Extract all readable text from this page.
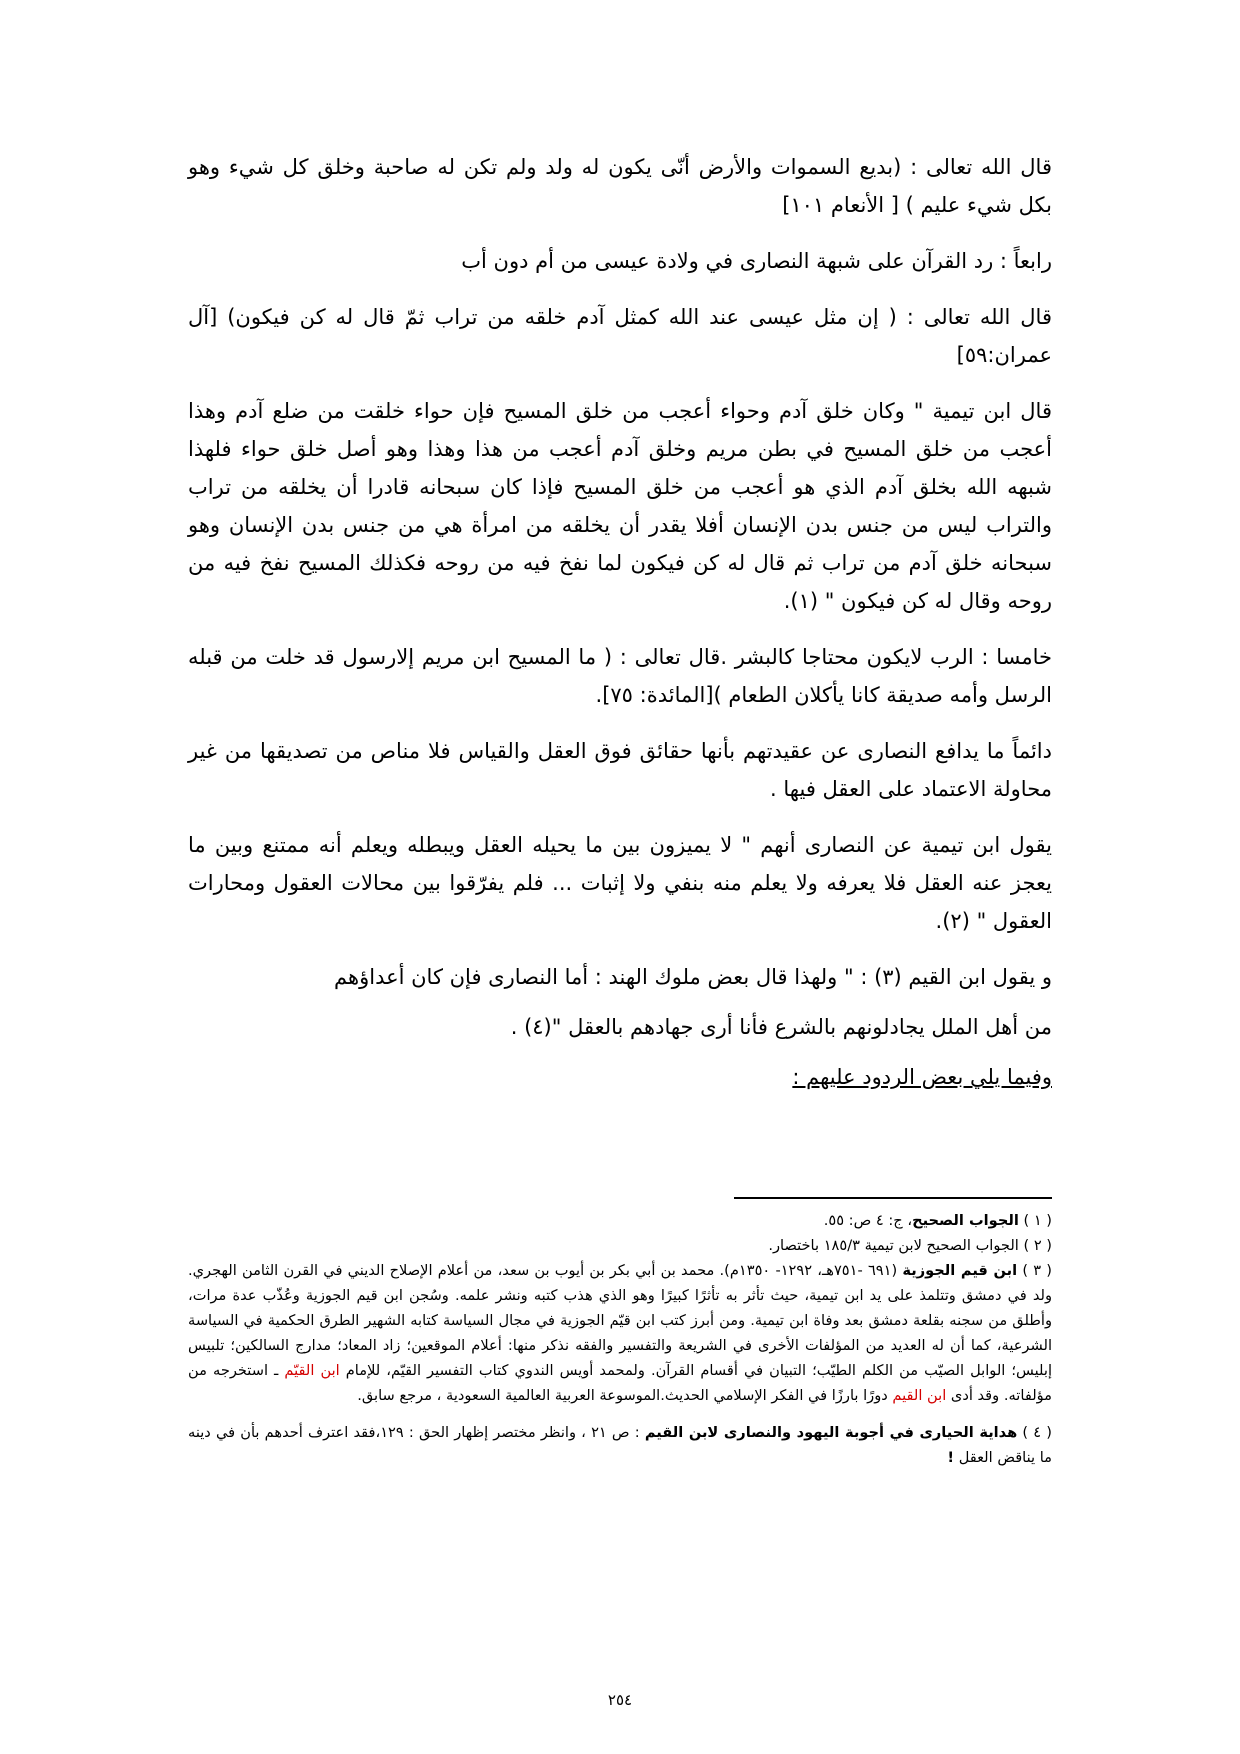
قال الله تعالى : (بديع السموات والأرض أنّى يكون له ولد ولم تكن له صاحبة وخلق كل شيء وهو بكل شيء عليم ) [ الأنعام ١٠١]

رابعاً : رد القرآن على شبهة النصارى في ولادة عيسى من أم دون أب

قال الله تعالى : ( إن مثل عيسى عند الله كمثل آدم خلقه من تراب ثمّ قال له كن فيكون) [آل عمران:٥٩]

قال ابن تيمية " وكان خلق آدم وحواء أعجب من خلق المسيح فإن حواء خلقت من ضلع آدم وهذا أعجب من خلق المسيح في بطن مريم وخلق آدم أعجب من هذا وهذا وهو أصل خلق حواء فلهذا شبهه الله بخلق آدم الذي هو أعجب من خلق المسيح فإذا كان سبحانه قادرا أن يخلقه من تراب والتراب ليس من جنس بدن الإنسان أفلا يقدر أن يخلقه من امرأة هي من جنس بدن الإنسان وهو سبحانه خلق آدم من تراب ثم قال له كن فيكون لما نفخ فيه من روحه فكذلك المسيح نفخ فيه من روحه وقال له كن فيكون " (١).

خامسا : الرب لايكون محتاجا كالبشر .قال تعالى : ( ما المسيح ابن مريم إلارسول قد خلت من قبله الرسل وأمه صديقة كانا يأكلان الطعام )[المائدة: ٧٥].

دائماً ما يدافع النصارى عن عقيدتهم بأنها حقائق فوق العقل والقياس فلا مناص من تصديقها من غير محاولة الاعتماد على العقل فيها .

يقول ابن تيمية عن النصارى أنهم " لا يميزون بين ما يحيله العقل ويبطله ويعلم أنه ممتنع وبين ما يعجز عنه العقل فلا يعرفه ولا يعلم منه بنفي ولا إثبات ... فلم يفرّقوا بين محالات العقول ومحارات العقول " (٢).

و يقول ابن القيم (٣) : " ولهذا قال بعض ملوك الهند : أما النصارى فإن كان أعداؤهم

من أهل الملل يجادلونهم بالشرع فأنا أرى جهادهم بالعقل "(٤) .

وفيما يلي بعض الردود عليهم :

( ١ ) الجواب الصحيح، ج: ٤ ص: ٥٥.

( ٢ ) الجواب الصحيح لابن تيمية ١٨٥/٣ باختصار.

( ٣ ) ابن قيم الجوزية (٦٩١ -٧٥١هـ، ١٢٩٢- ١٣٥٠م). محمد بن أبي بكر بن أيوب بن سعد، من أعلام الإصلاح الديني في القرن الثامن الهجري. ولد في دمشق وتتلمذ على يد ابن تيمية، حيث تأثر به تأثرًا كبيرًا وهو الذي هذب كتبه ونشر علمه. وسُجن ابن قيم الجوزية وعُذّب عدة مرات، وأطلق من سجنه بقلعة دمشق بعد وفاة ابن تيمية. ومن أبرز كتب ابن قيّم الجوزية في مجال السياسة كتابه الشهير الطرق الحكمية في السياسة الشرعية، كما أن له العديد من المؤلفات الأخرى في الشريعة والتفسير والفقه نذكر منها: أعلام الموقعين؛ زاد المعاد؛ مدارج السالكين؛ تلبيس إبليس؛ الوابل الصيّب من الكلم الطيّب؛ التبيان في أقسام القرآن. ولمحمد أويس الندوي كتاب التفسير القيّم، للإمام ابن القيّم ـ استخرجه من مؤلفاته. وقد أدى ابن القيم دورًا بارزًا في الفكر الإسلامي الحديث.الموسوعة العربية العالمية السعودية ، مرجع سابق.

( ٤ ) هداية الحيارى في أجوبة اليهود والنصارى لابن القيم : ص ٢١ ، وانظر مختصر إظهار الحق : ١٢٩،فقد اعترف أحدهم بأن في دينه ما يناقض العقل !

٢٥٤
